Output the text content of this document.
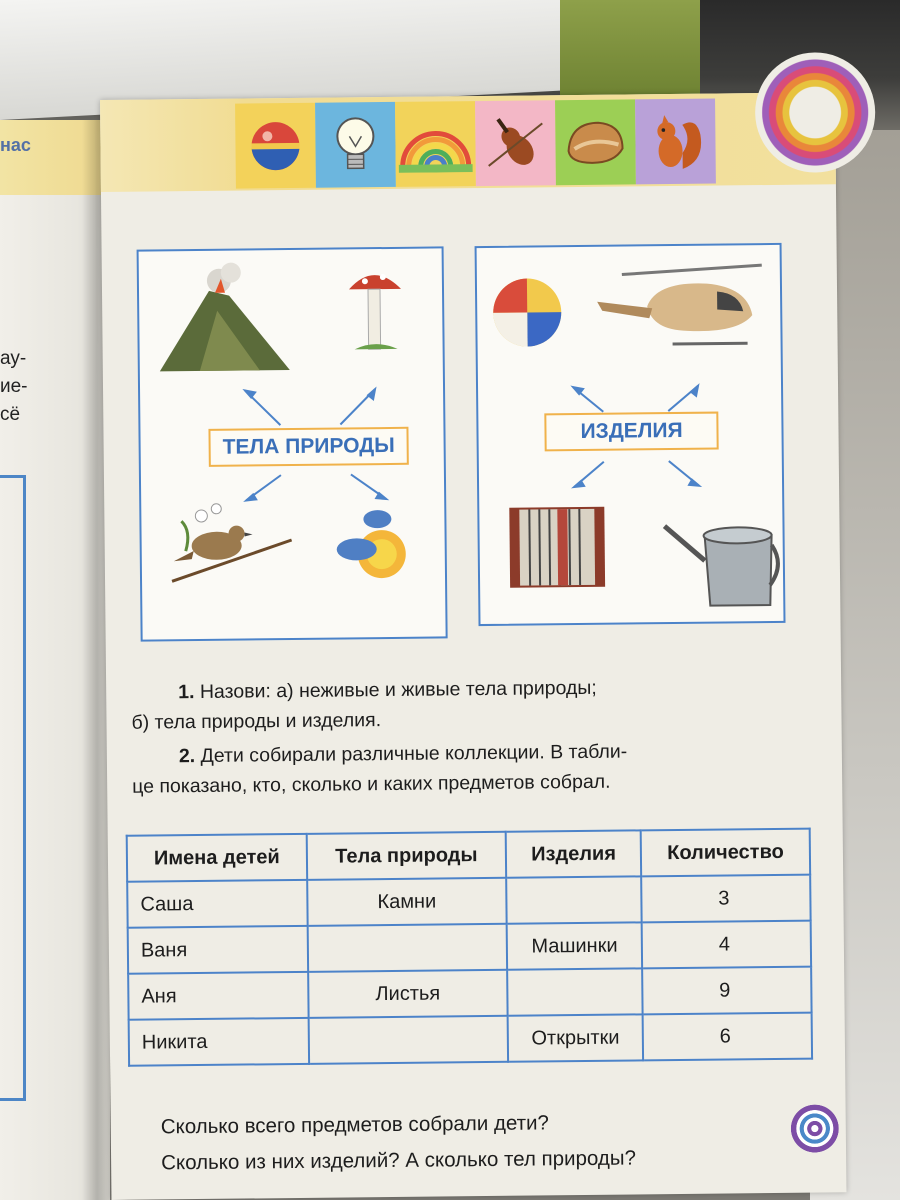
нас
ау-
ие-
сё
ТЕЛА ПРИРОДЫ
ИЗДЕЛИЯ
1. Назови: а) неживые и живые тела природы;
б) тела природы и изделия.
2. Дети собирали различные коллекции. В табли-
це показано, кто, сколько и каких предметов собрал.
Имена детей	Тела природы	Изделия	Количество
Саша	Камни		3
Ваня		Машинки	4
Аня	Листья		9
Никита		Открытки	6
Сколько всего предметов собрали дети?
Сколько из них изделий? А сколько тел природы?
